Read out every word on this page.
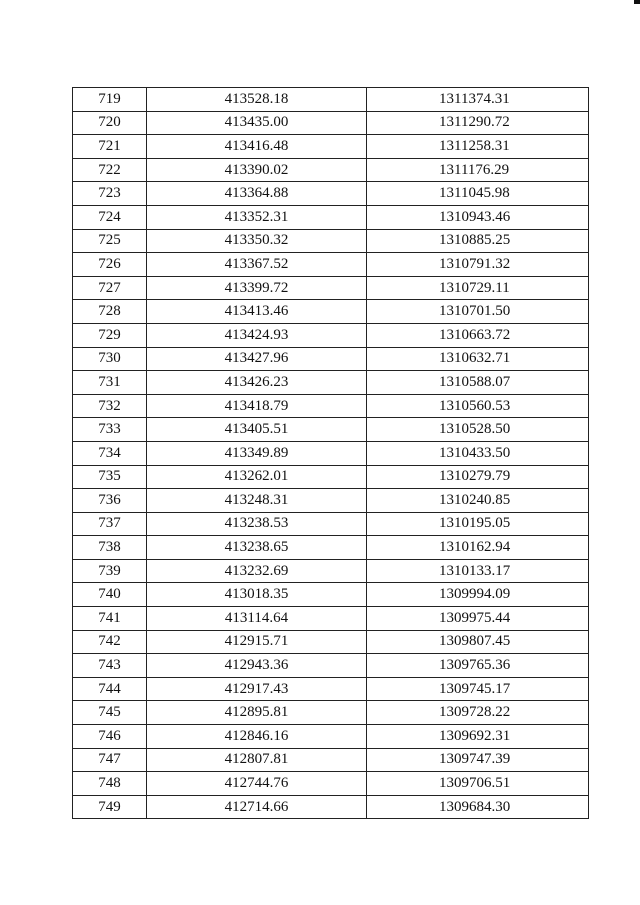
719	413528.18	1311374.31
720	413435.00	1311290.72
721	413416.48	1311258.31
722	413390.02	1311176.29
723	413364.88	1311045.98
724	413352.31	1310943.46
725	413350.32	1310885.25
726	413367.52	1310791.32
727	413399.72	1310729.11
728	413413.46	1310701.50
729	413424.93	1310663.72
730	413427.96	1310632.71
731	413426.23	1310588.07
732	413418.79	1310560.53
733	413405.51	1310528.50
734	413349.89	1310433.50
735	413262.01	1310279.79
736	413248.31	1310240.85
737	413238.53	1310195.05
738	413238.65	1310162.94
739	413232.69	1310133.17
740	413018.35	1309994.09
741	413114.64	1309975.44
742	412915.71	1309807.45
743	412943.36	1309765.36
744	412917.43	1309745.17
745	412895.81	1309728.22
746	412846.16	1309692.31
747	412807.81	1309747.39
748	412744.76	1309706.51
749	412714.66	1309684.30
